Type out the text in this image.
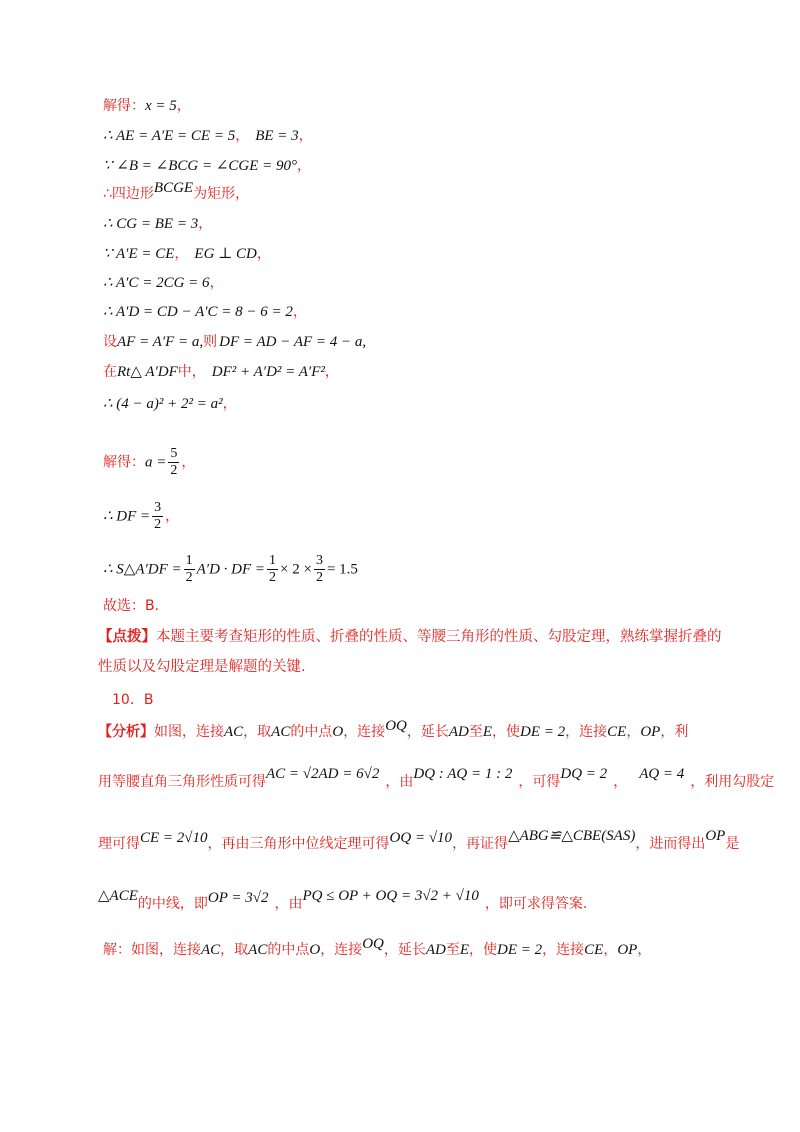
解得：x = 5，
∴ AE = A′E = CE = 5， BE = 3，
∵ ∠B = ∠BCG = ∠CGE = 90°，
∴四边形BCGE为矩形，
∴ CG = BE = 3，
∵ A′E = CE， EG ⊥ CD，
∴ A′C = 2CG = 6，
∴ A′D = CD − A′C = 8 − 6 = 2，
设AF = A′F = a,则 DF = AD − AF = 4 − a,
在Rt△ A′DF中， DF² + A′D² = A′F²，
∴ (4 − a)² + 2² = a²，
解得：$a = \frac{5}{2}$ ，
∴ DF = $\frac{3}{2}$ ，
∴ S△A′DF = $\frac{1}{2} A'D$ · DF = $\frac{1}{2} \times 2 \times \frac{3}{2} = 1.5$
故选：B.
【点拨】本题主要考查矩形的性质、折叠的性质、等腰三角形的性质、勾股定理，熟练掌握折叠的性质以及勾股定理是解题的关键.
10．B
【分析】如图，连接AC，取AC的中点O，连接OQ，延长AD至E，使DE = 2，连接CE，OP，利
用等腰直角三角形性质可得AC = √2AD = 6√2 ，由DQ : AQ = 1 : 2 ，可得DQ = 2 ， AQ = 4 ，利用勾股定
理可得CE = 2√10，再由三角形中位线定理可得OQ = √10，再证得△ABG≌△CBE(SAS)，进而得出OP是
△ACE的中线，即OP = 3√2 ，由PQ ≤ OP + OQ = 3√2 + √10 ，即可求得答案.
解：如图，连接AC，取AC的中点O，连接OQ，延长AD至E，使DE = 2，连接CE，OP，
